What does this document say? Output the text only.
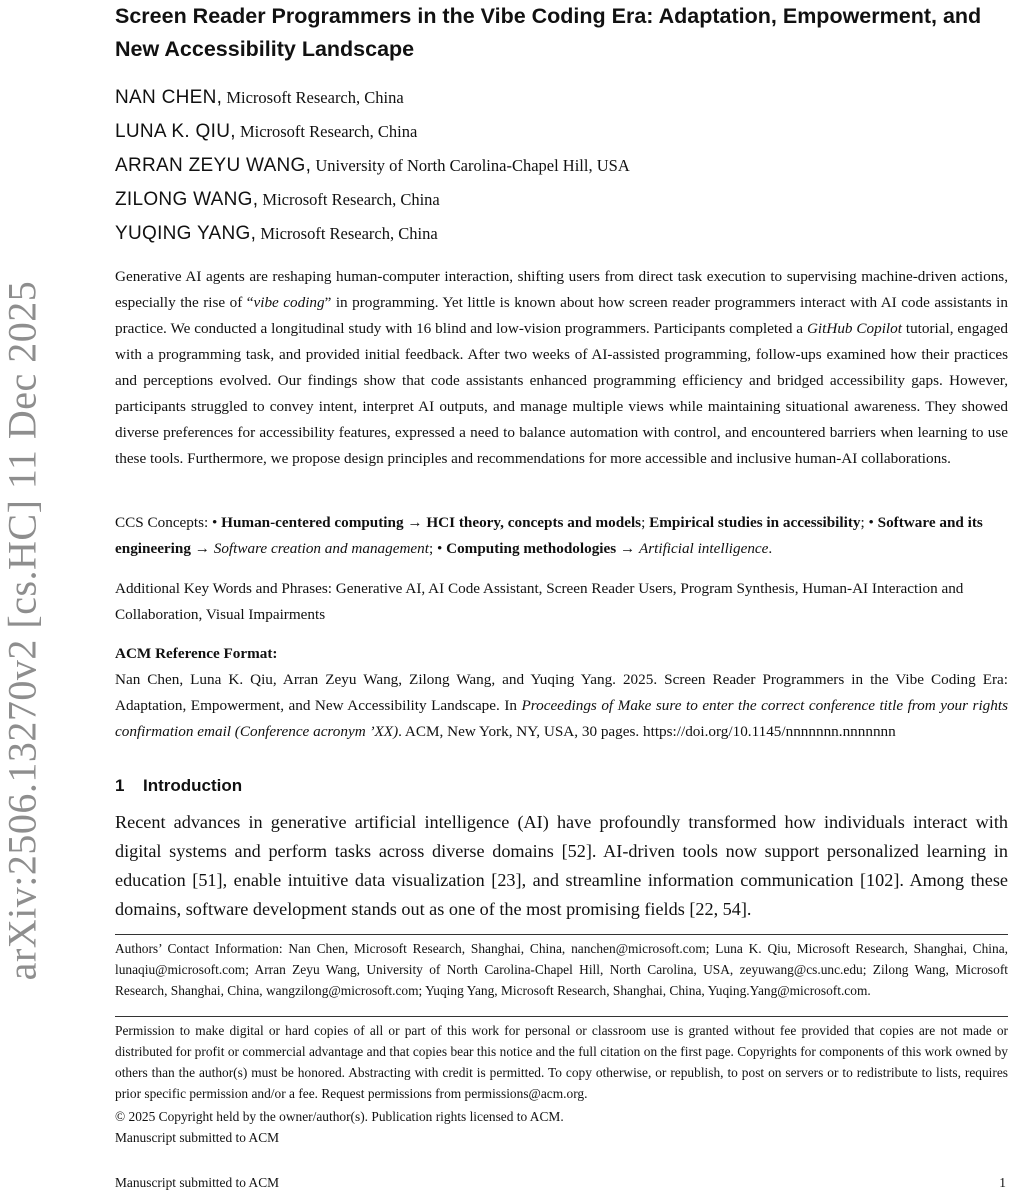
arXiv:2506.13270v2 [cs.HC] 11 Dec 2025
Screen Reader Programmers in the Vibe Coding Era: Adaptation, Empowerment, and New Accessibility Landscape
NAN CHEN, Microsoft Research, China
LUNA K. QIU, Microsoft Research, China
ARRAN ZEYU WANG, University of North Carolina-Chapel Hill, USA
ZILONG WANG, Microsoft Research, China
YUQING YANG, Microsoft Research, China

Generative AI agents are reshaping human-computer interaction, shifting users from direct task execution to supervising machine-driven actions, especially the rise of “vibe coding” in programming. Yet little is known about how screen reader programmers interact with AI code assistants in practice. We conducted a longitudinal study with 16 blind and low-vision programmers. Participants completed a GitHub Copilot tutorial, engaged with a programming task, and provided initial feedback. After two weeks of AI-assisted programming, follow-ups examined how their practices and perceptions evolved. Our findings show that code assistants enhanced programming efficiency and bridged accessibility gaps. However, participants struggled to convey intent, interpret AI outputs, and manage multiple views while maintaining situational awareness. They showed diverse preferences for accessibility features, expressed a need to balance automation with control, and encountered barriers when learning to use these tools. Furthermore, we propose design principles and recommendations for more accessible and inclusive human-AI collaborations.

CCS Concepts: • Human-centered computing → HCI theory, concepts and models; Empirical studies in accessibility; • Software and its engineering → Software creation and management; • Computing methodologies → Artificial intelligence.

Additional Key Words and Phrases: Generative AI, AI Code Assistant, Screen Reader Users, Program Synthesis, Human-AI Interaction and Collaboration, Visual Impairments

ACM Reference Format:

Nan Chen, Luna K. Qiu, Arran Zeyu Wang, Zilong Wang, and Yuqing Yang. 2025. Screen Reader Programmers in the Vibe Coding Era: Adaptation, Empowerment, and New Accessibility Landscape. In Proceedings of Make sure to enter the correct conference title from your rights confirmation email (Conference acronym ’XX). ACM, New York, NY, USA, 30 pages. https://doi.org/10.1145/nnnnnnn.nnnnnnn

1 Introduction

Recent advances in generative artificial intelligence (AI) have profoundly transformed how individuals interact with digital systems and perform tasks across diverse domains [52]. AI-driven tools now support personalized learning in education [51], enable intuitive data visualization [23], and streamline information communication [102]. Among these domains, software development stands out as one of the most promising fields [22, 54].

Authors’ Contact Information: Nan Chen, Microsoft Research, Shanghai, China, nanchen@microsoft.com; Luna K. Qiu, Microsoft Research, Shanghai, China, lunaqiu@microsoft.com; Arran Zeyu Wang, University of North Carolina-Chapel Hill, North Carolina, USA, zeyuwang@cs.unc.edu; Zilong Wang, Microsoft Research, Shanghai, China, wangzilong@microsoft.com; Yuqing Yang, Microsoft Research, Shanghai, China, Yuqing.Yang@microsoft.com.

Permission to make digital or hard copies of all or part of this work for personal or classroom use is granted without fee provided that copies are not made or distributed for profit or commercial advantage and that copies bear this notice and the full citation on the first page. Copyrights for components of this work owned by others than the author(s) must be honored. Abstracting with credit is permitted. To copy otherwise, or republish, to post on servers or to redistribute to lists, requires prior specific permission and/or a fee. Request permissions from permissions@acm.org.

© 2025 Copyright held by the owner/author(s). Publication rights licensed to ACM.

Manuscript submitted to ACM

Manuscript submitted to ACM	1
